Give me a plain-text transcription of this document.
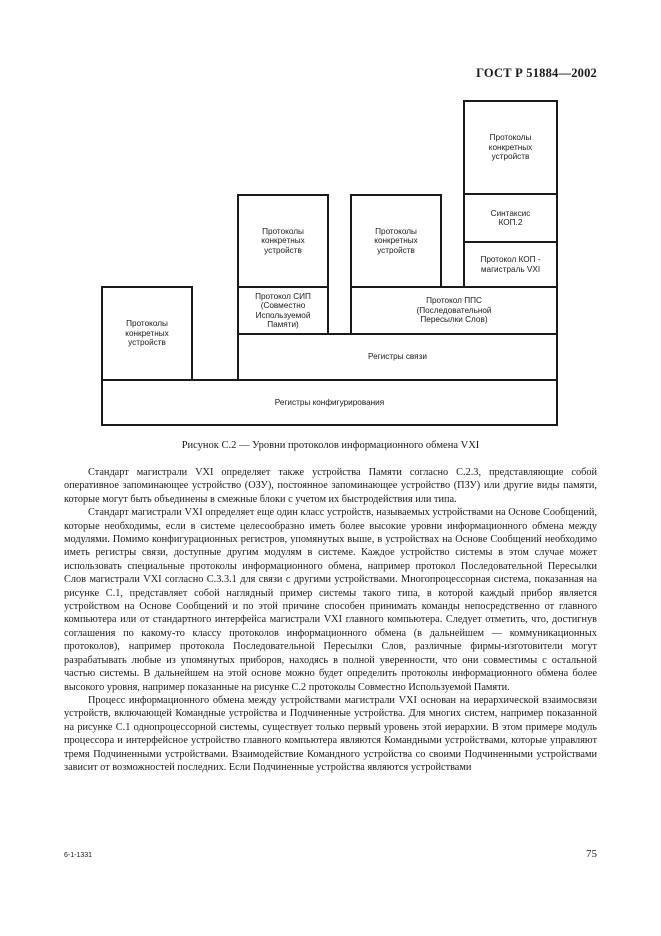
ГОСТ Р 51884—2002
Протоколы
конкретных
устройств
Протоколы
конкретных
устройств
Протокол СИП
(Совместно
Используемой
Памяти)
Протоколы
конкретных
устройств
Протоколы
конкретных
устройств
Синтаксис
КОП.2
Протокол КОП -
магистраль VXI
Протокол ППС
(Последовательной
Пересылки Слов)
Регистры связи
Регистры конфигурирования
Рисунок С.2 — Уровни протоколов информационного обмена VXI

Стандарт магистрали VXI определяет также устройства Памяти согласно С.2.3, представляющие собой оперативное запоминающее устройство (ОЗУ), постоянное запоминающее устройство (ПЗУ) или другие виды памяти, которые могут быть объединены в смежные блоки с учетом их быстродействия или типа.

Стандарт магистрали VXI определяет еще один класс устройств, называемых устройствами на Основе Сообщений, которые необходимы, если в системе целесообразно иметь более высокие уровни информационного обмена между модулями. Помимо конфигурационных регистров, упомянутых выше, в устройствах на Основе Сообщений необходимо иметь регистры связи, доступные другим модулям в системе. Каждое устройство системы в этом случае может использовать специальные протоколы информационного обмена, например протокол Последовательной Пересылки Слов магистрали VXI согласно С.3.3.1 для связи с другими устройствами. Многопроцессорная система, показанная на рисунке С.1, представляет собой наглядный пример системы такого типа, в которой каждый прибор является устройством на Основе Сообщений и по этой причине способен принимать команды непосредственно от главного компьютера или от стандартного интерфейса магистрали VXI главного компьютера. Следует отметить, что, достигнув соглашения по какому-то классу протоколов информационного обмена (в дальнейшем — коммуникационных протоколов), например протокола Последовательной Пересылки Слов, различные фирмы-изготовители могут разрабатывать любые из упомянутых приборов, находясь в полной уверенности, что они совместимы с остальной частью системы. В дальнейшем на этой основе можно будет определить протоколы информационного обмена более высокого уровня, например показанные на рисунке С.2 протоколы Совместно Используемой Памяти.

Процесс информационного обмена между устройствами магистрали VXI основан на иерархической взаимосвязи устройств, включающей Командные устройства и Подчиненные устройства. Для многих систем, например показанной на рисунке С.1 однопроцессорной системы, существует только первый уровень этой иерархии. В этом примере модуль процессора и интерфейсное устройство главного компьютера являются Командными устройствами, которые управляют тремя Подчиненными устройствами. Взаимодействие Командного устройства со своими Подчиненными устройствами зависит от возможностей последних. Если Подчиненные устройства являются устройствами

6-1-1331	75
